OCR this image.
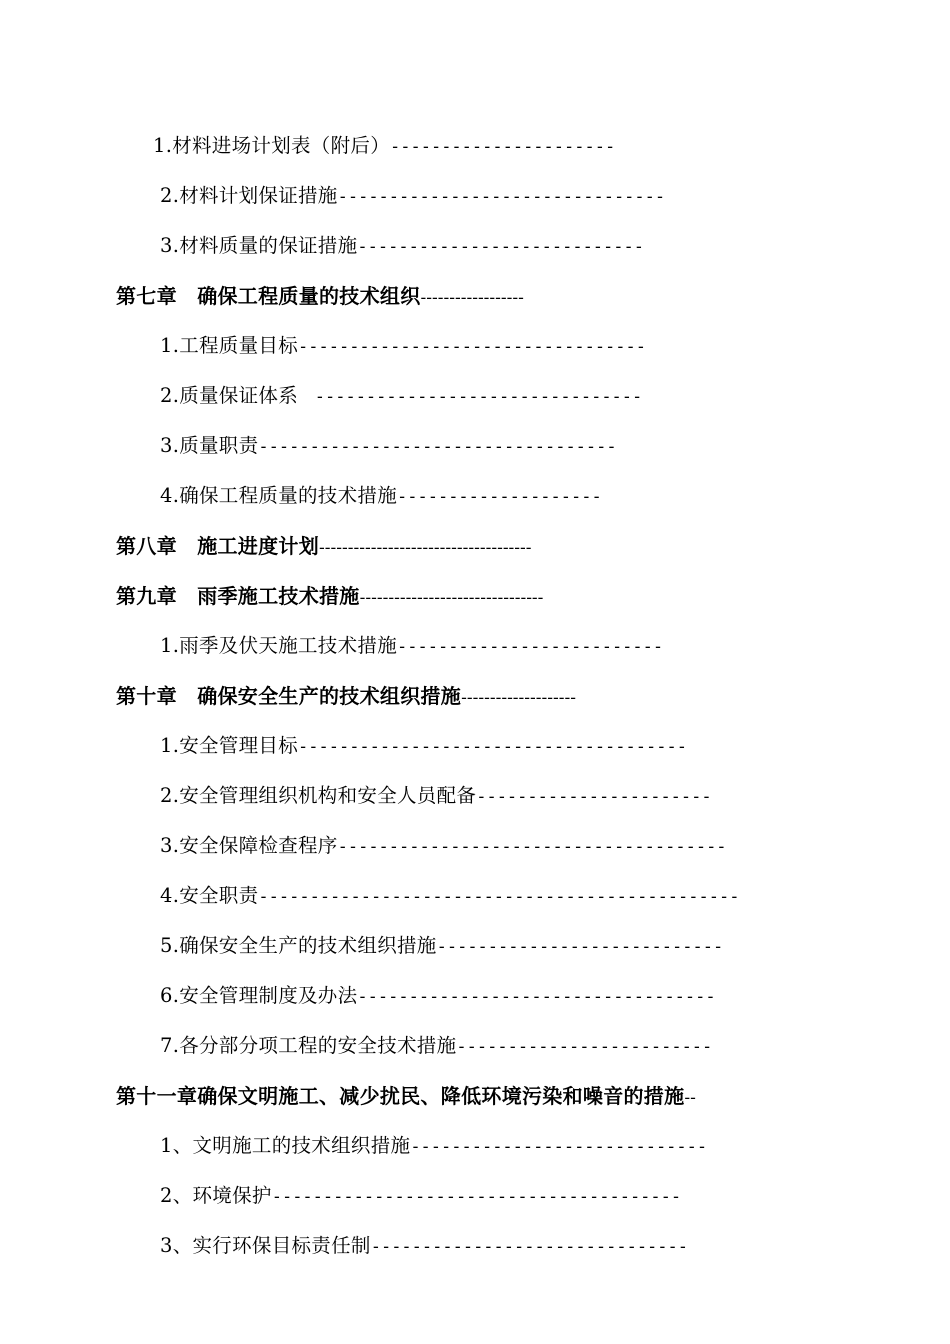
1.材料进场计划表（附后）----------------------
2.材料计划保证措施--------------------------------
3.材料质量的保证措施----------------------------
第七章　确保工程质量的技术组织------------------
1.工程质量目标----------------------------------
2.质量保证体系  --------------------------------
3.质量职责-----------------------------------
4.确保工程质量的技术措施--------------------
第八章　施工进度计划-------------------------------------
第九章　雨季施工技术措施--------------------------------
1.雨季及伏天施工技术措施--------------------------
第十章　确保安全生产的技术组织措施--------------------
1.安全管理目标--------------------------------------
2.安全管理组织机构和安全人员配备-----------------------
3.安全保障检查程序--------------------------------------
4.安全职责-----------------------------------------------
5.确保安全生产的技术组织措施----------------------------
6.安全管理制度及办法-----------------------------------
7.各分部分项工程的安全技术措施-------------------------
第十一章确保文明施工、减少扰民、降低环境污染和噪音的措施--
1、文明施工的技术组织措施-----------------------------
2、环境保护----------------------------------------
3、实行环保目标责任制-------------------------------
